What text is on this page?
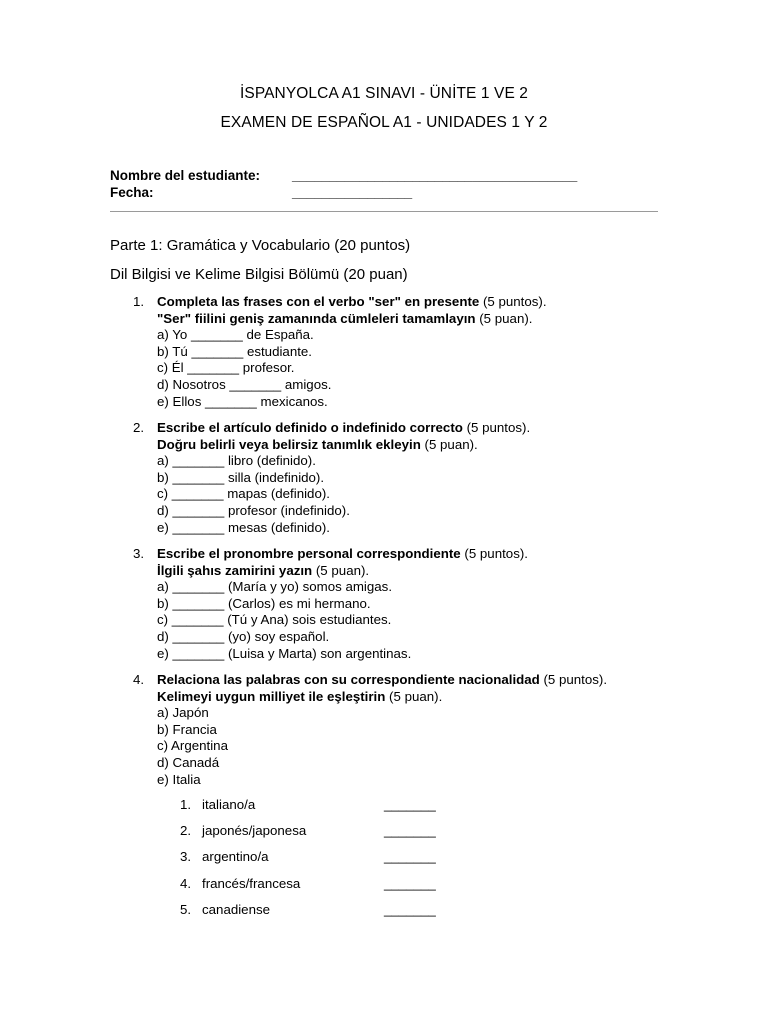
İSPANYOLCA A1 SINAVI - ÜNİTE 1 VE 2
EXAMEN DE ESPAÑOL A1 - UNIDADES 1 Y 2
Nombre del estudiante: ______________________________________
Fecha:	________________
Parte 1: Gramática y Vocabulario (20 puntos)
Dil Bilgisi ve Kelime Bilgisi Bölümü (20 puan)
1. Completa las frases con el verbo "ser" en presente (5 puntos).
"Ser" fiilini geniş zamanında cümleleri tamamlayın (5 puan).
a) Yo _______ de España.
b) Tú _______ estudiante.
c) Él _______ profesor.
d) Nosotros _______ amigos.
e) Ellos _______ mexicanos.
2. Escribe el artículo definido o indefinido correcto (5 puntos).
Doğru belirli veya belirsiz tanımlık ekleyin (5 puan).
a) _______ libro (definido).
b) _______ silla (indefinido).
c) _______ mapas (definido).
d) _______ profesor (indefinido).
e) _______ mesas (definido).
3. Escribe el pronombre personal correspondiente (5 puntos).
İlgili şahıs zamirini yazın (5 puan).
a) _______ (María y yo) somos amigas.
b) _______ (Carlos) es mi hermano.
c) _______ (Tú y Ana) sois estudiantes.
d) _______ (yo) soy español.
e) _______ (Luisa y Marta) son argentinas.
4. Relaciona las palabras con su correspondiente nacionalidad (5 puntos).
Kelimeyi uygun milliyet ile eşleştirin (5 puan).
a) Japón
b) Francia
c) Argentina
d) Canadá
e) Italia
1. italiano/a	_______
2. japonés/japonesa	_______
3. argentino/a	_______
4. francés/francesa	_______
5. canadiense	_______
